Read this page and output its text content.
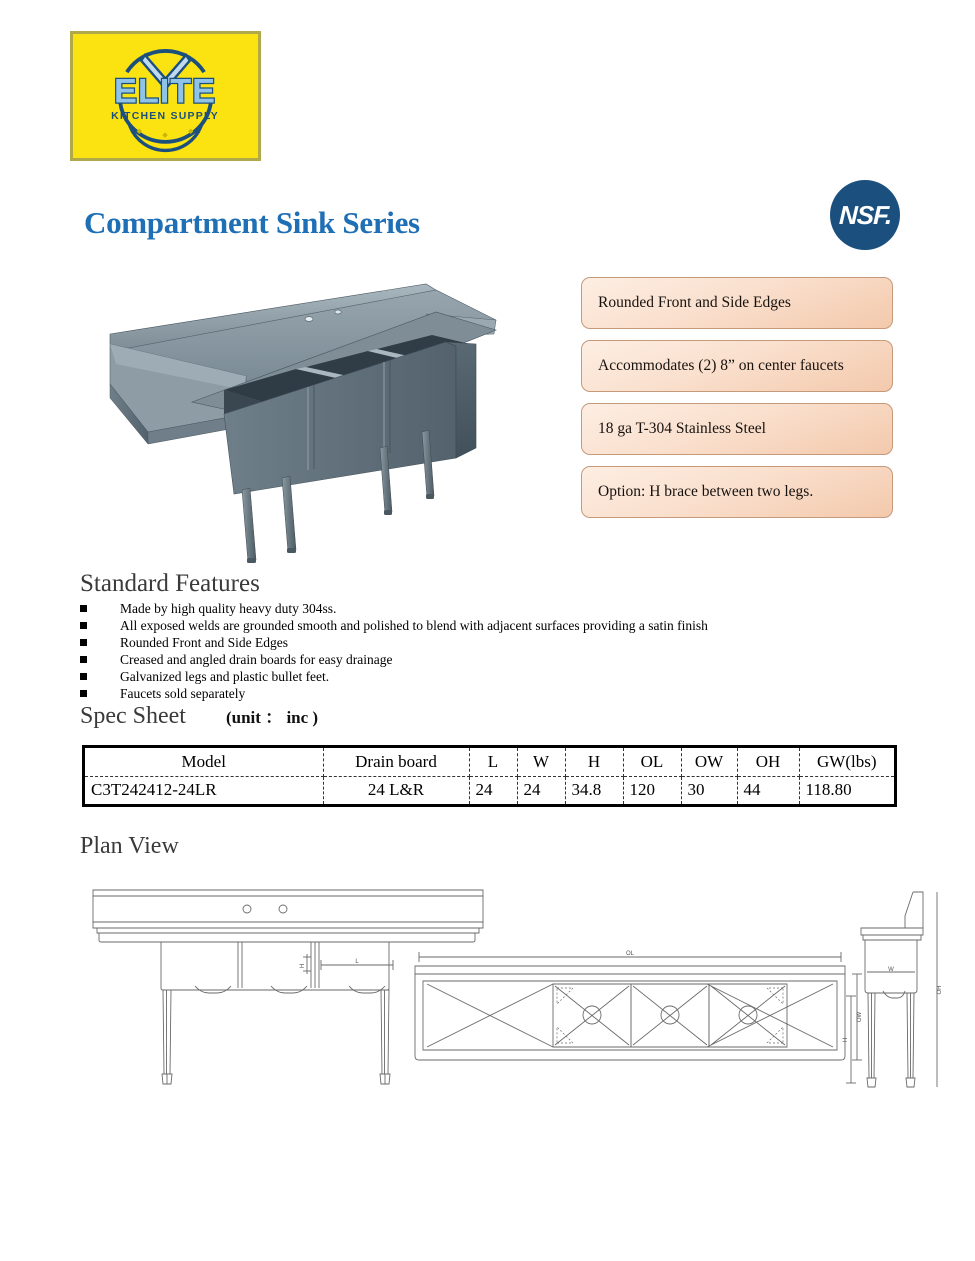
ELITE
KITCHEN SUPPLY
Compartment Sink Series	NSF.
Rounded Front and Side Edges
Accommodates (2) 8” on center faucets
18 ga T-304 Stainless Steel
Option: H brace between two legs.
Standard Features
Made by high quality heavy duty 304ss.
All exposed welds are grounded smooth and polished to blend with adjacent surfaces providing a satin finish
Rounded Front and Side Edges
Creased and angled drain boards for easy drainage
Galvanized legs and plastic bullet feet.
Faucets sold separately
Spec Sheet (unit ： inc )
Model	Drain board	L	W	H	OL	OW	OH	GW(lbs)
C3T242412-24LR	24 L&R	24	24	34.8	120	30	44	118.80
Plan View
OL
L
H
OW
OH
H
W
